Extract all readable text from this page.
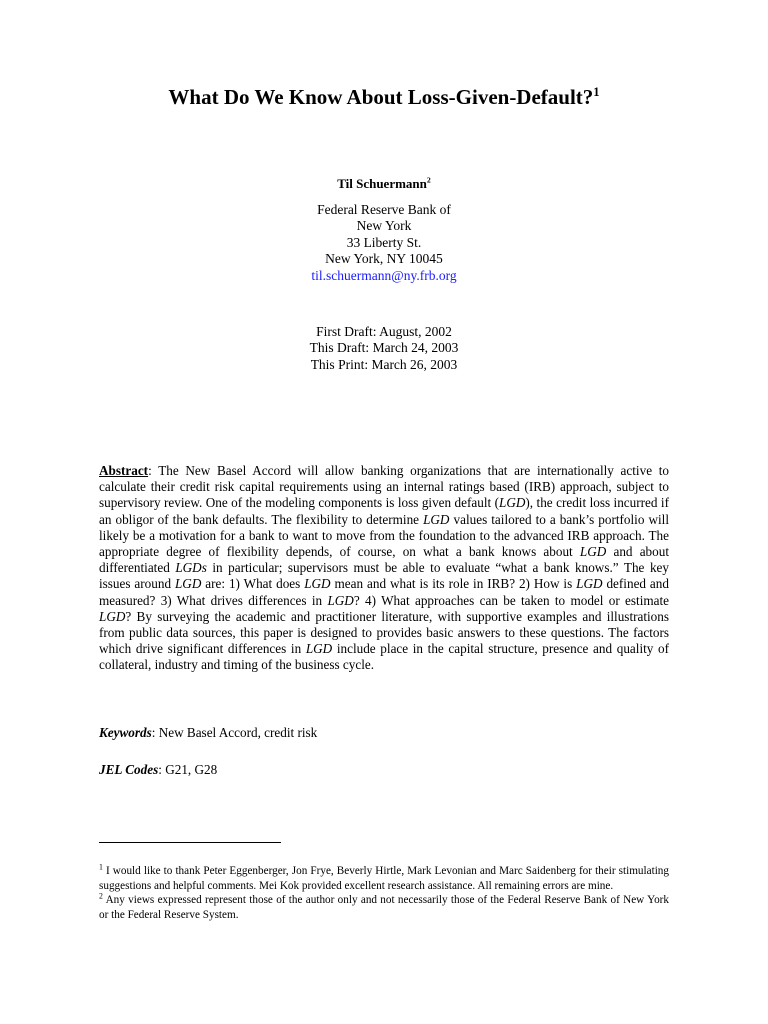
What Do We Know About Loss-Given-Default?$^1$
Til Schuermann$^2$
Federal Reserve Bank of
New York
33 Liberty St.
New York, NY 10045
til.schuermann@ny.frb.org
First Draft: August, 2002
This Draft: March 24, 2003
This Print: March 26, 2003

Abstract: The New Basel Accord will allow banking organizations that are internationally active to calculate their credit risk capital requirements using an internal ratings based (IRB) approach, subject to supervisory review. One of the modeling components is loss given default (LGD), the credit loss incurred if an obligor of the bank defaults. The flexibility to determine LGD values tailored to a bank’s portfolio will likely be a motivation for a bank to want to move from the foundation to the advanced IRB approach. The appropriate degree of flexibility depends, of course, on what a bank knows about LGD and about differentiated LGDs in particular; supervisors must be able to evaluate “what a bank knows.” The key issues around LGD are: 1) What does LGD mean and what is its role in IRB? 2) How is LGD defined and measured? 3) What drives differences in LGD? 4) What approaches can be taken to model or estimate LGD? By surveying the academic and practitioner literature, with supportive examples and illustrations from public data sources, this paper is designed to provides basic answers to these questions. The factors which drive significant differences in LGD include place in the capital structure, presence and quality of collateral, industry and timing of the business cycle.

Keywords: New Basel Accord, credit risk
JEL Codes: G21, G28

$^1$ I would like to thank Peter Eggenberger, Jon Frye, Beverly Hirtle, Mark Levonian and Marc Saidenberg for their stimulating suggestions and helpful comments. Mei Kok provided excellent research assistance. All remaining errors are mine.

$^2$ Any views expressed represent those of the author only and not necessarily those of the Federal Reserve Bank of New York or the Federal Reserve System.
